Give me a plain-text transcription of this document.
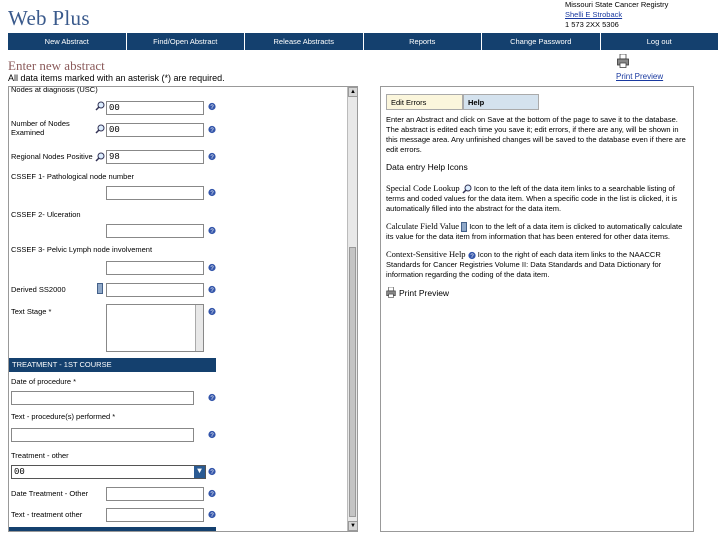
Web Plus
Missouri State Cancer Registry
Shelli E Stroback
1 573 2XX 5306
New Abstract	Find/Open Abstract	Release Abstracts	Reports	Change Password	Log out
Enter new abstract
All data items marked with an asterisk (*) are required.	Print Preview
▲
▼
Nodes at diagnosis (USC)
00	?
Number of Nodes Examined	00	?
Regional Nodes Positive	98	?
CSSEF 1- Pathological node number
?
CSSEF 2- Ulceration
?
CSSEF 3- Pelvic Lymph node involvement
?
Derived SS2000	?
Text Stage *	?
TREATMENT - 1ST COURSE
Date of procedure *
?
Text - procedure(s) performed *
?
Treatment - other
00	▼	?
Date Treatment - Other	?
Text - treatment other	?
Edit Errors	Help

Enter an Abstract and click on Save at the bottom of the page to save it to the database. The abstract is edited each time you save it; edit errors, if there are any, will be shown in this message area. Any unfinished changes will be saved to the database even if there are edit errors.

Data entry Help Icons

Special Code Lookup Icon to the left of the data item links to a searchable listing of terms and coded values for the data item. When a specific code in the list is clicked, it is automatically filled into the abstract for the data item.

Calculate Field Value Icon to the left of a data item is clicked to automatically calculate its value for the data item from information that has been entered for other data items.

Context-Sensitive Help ? Icon to the right of each data item links to the NAACCR Standards for Cancer Registries Volume II: Data Standards and Data Dictionary for information regarding the coding of the data item.

Print Preview
